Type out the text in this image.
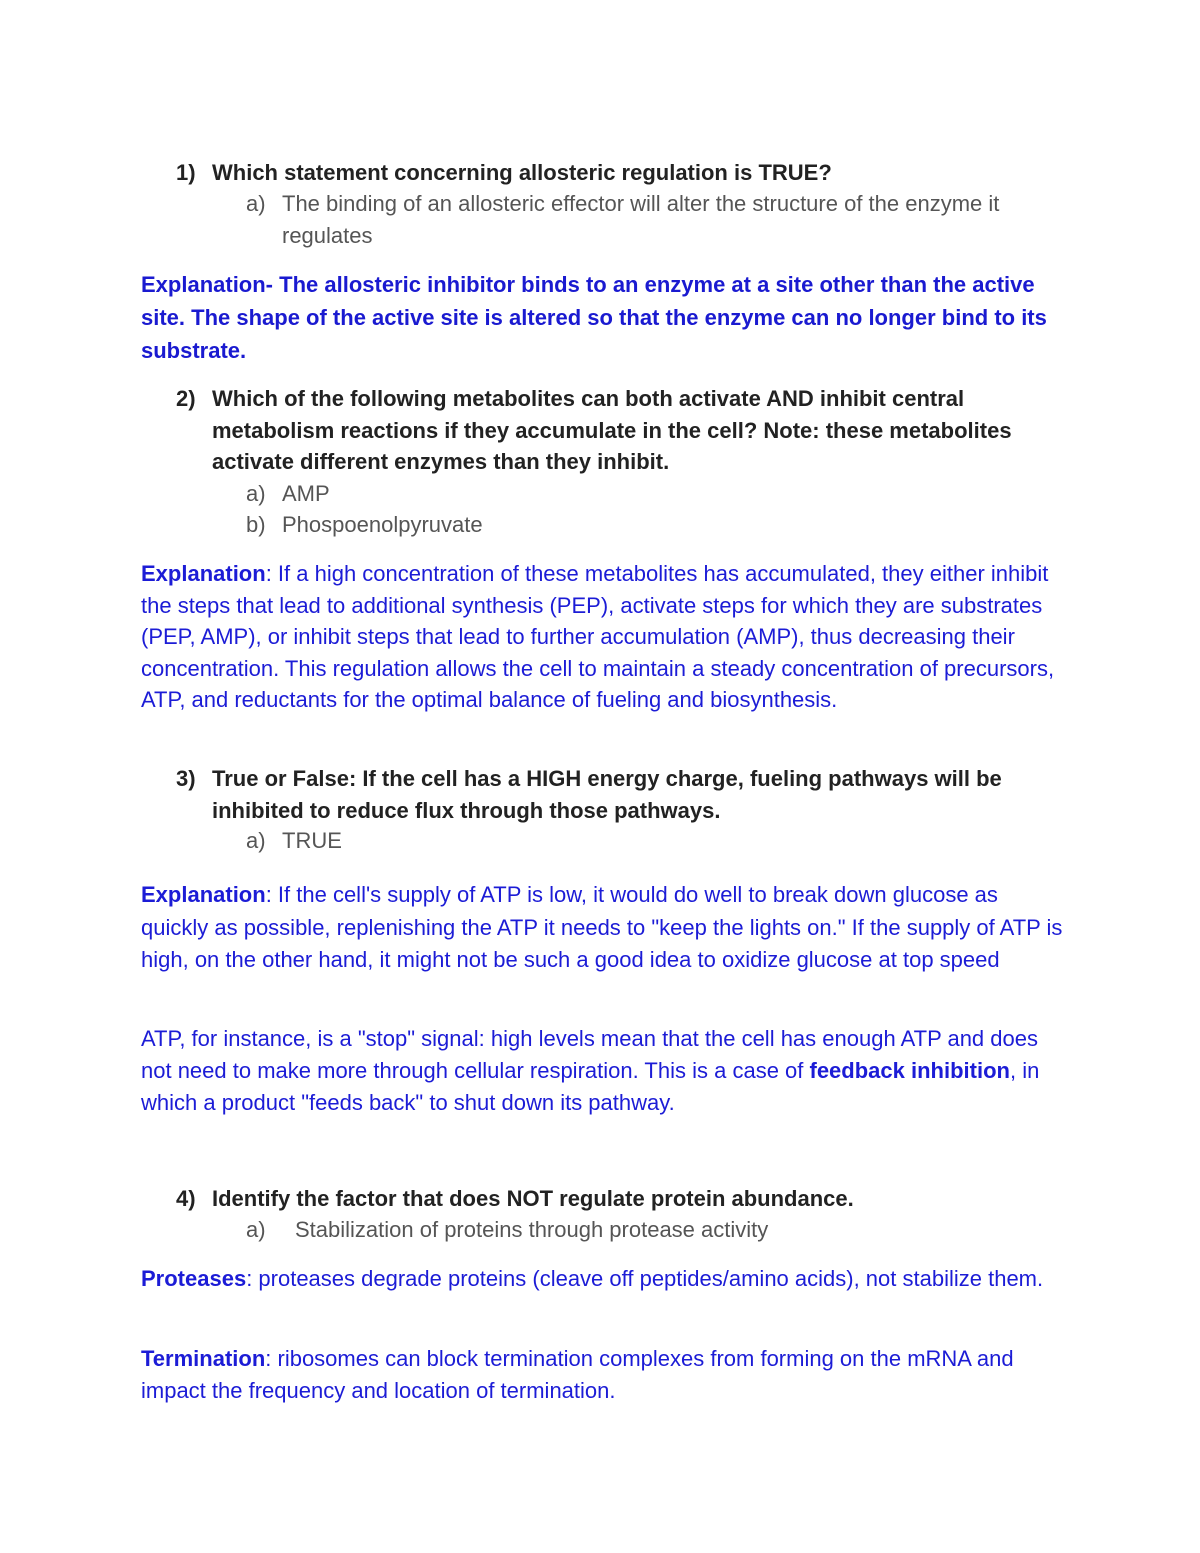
1) Which statement concerning allosteric regulation is TRUE?
a) The binding of an allosteric effector will alter the structure of the enzyme it regulates
Explanation- The allosteric inhibitor binds to an enzyme at a site other than the active site. The shape of the active site is altered so that the enzyme can no longer bind to its substrate.
2) Which of the following metabolites can both activate AND inhibit central metabolism reactions if they accumulate in the cell? Note: these metabolites activate different enzymes than they inhibit.
a) AMP
b) Phospoenolpyruvate
Explanation: If a high concentration of these metabolites has accumulated, they either inhibit the steps that lead to additional synthesis (PEP), activate steps for which they are substrates (PEP, AMP), or inhibit steps that lead to further accumulation (AMP), thus decreasing their concentration. This regulation allows the cell to maintain a steady concentration of precursors, ATP, and reductants for the optimal balance of fueling and biosynthesis.
3) True or False: If the cell has a HIGH energy charge, fueling pathways will be inhibited to reduce flux through those pathways.
a) TRUE
Explanation: If the cell's supply of ATP is low, it would do well to break down glucose as quickly as possible, replenishing the ATP it needs to "keep the lights on." If the supply of ATP is high, on the other hand, it might not be such a good idea to oxidize glucose at top speed
ATP, for instance, is a "stop" signal: high levels mean that the cell has enough ATP and does not need to make more through cellular respiration. This is a case of feedback inhibition, in which a product "feeds back" to shut down its pathway.
4) Identify the factor that does NOT regulate protein abundance.
a) Stabilization of proteins through protease activity
Proteases: proteases degrade proteins (cleave off peptides/amino acids), not stabilize them.
Termination: ribosomes can block termination complexes from forming on the mRNA and impact the frequency and location of termination.
